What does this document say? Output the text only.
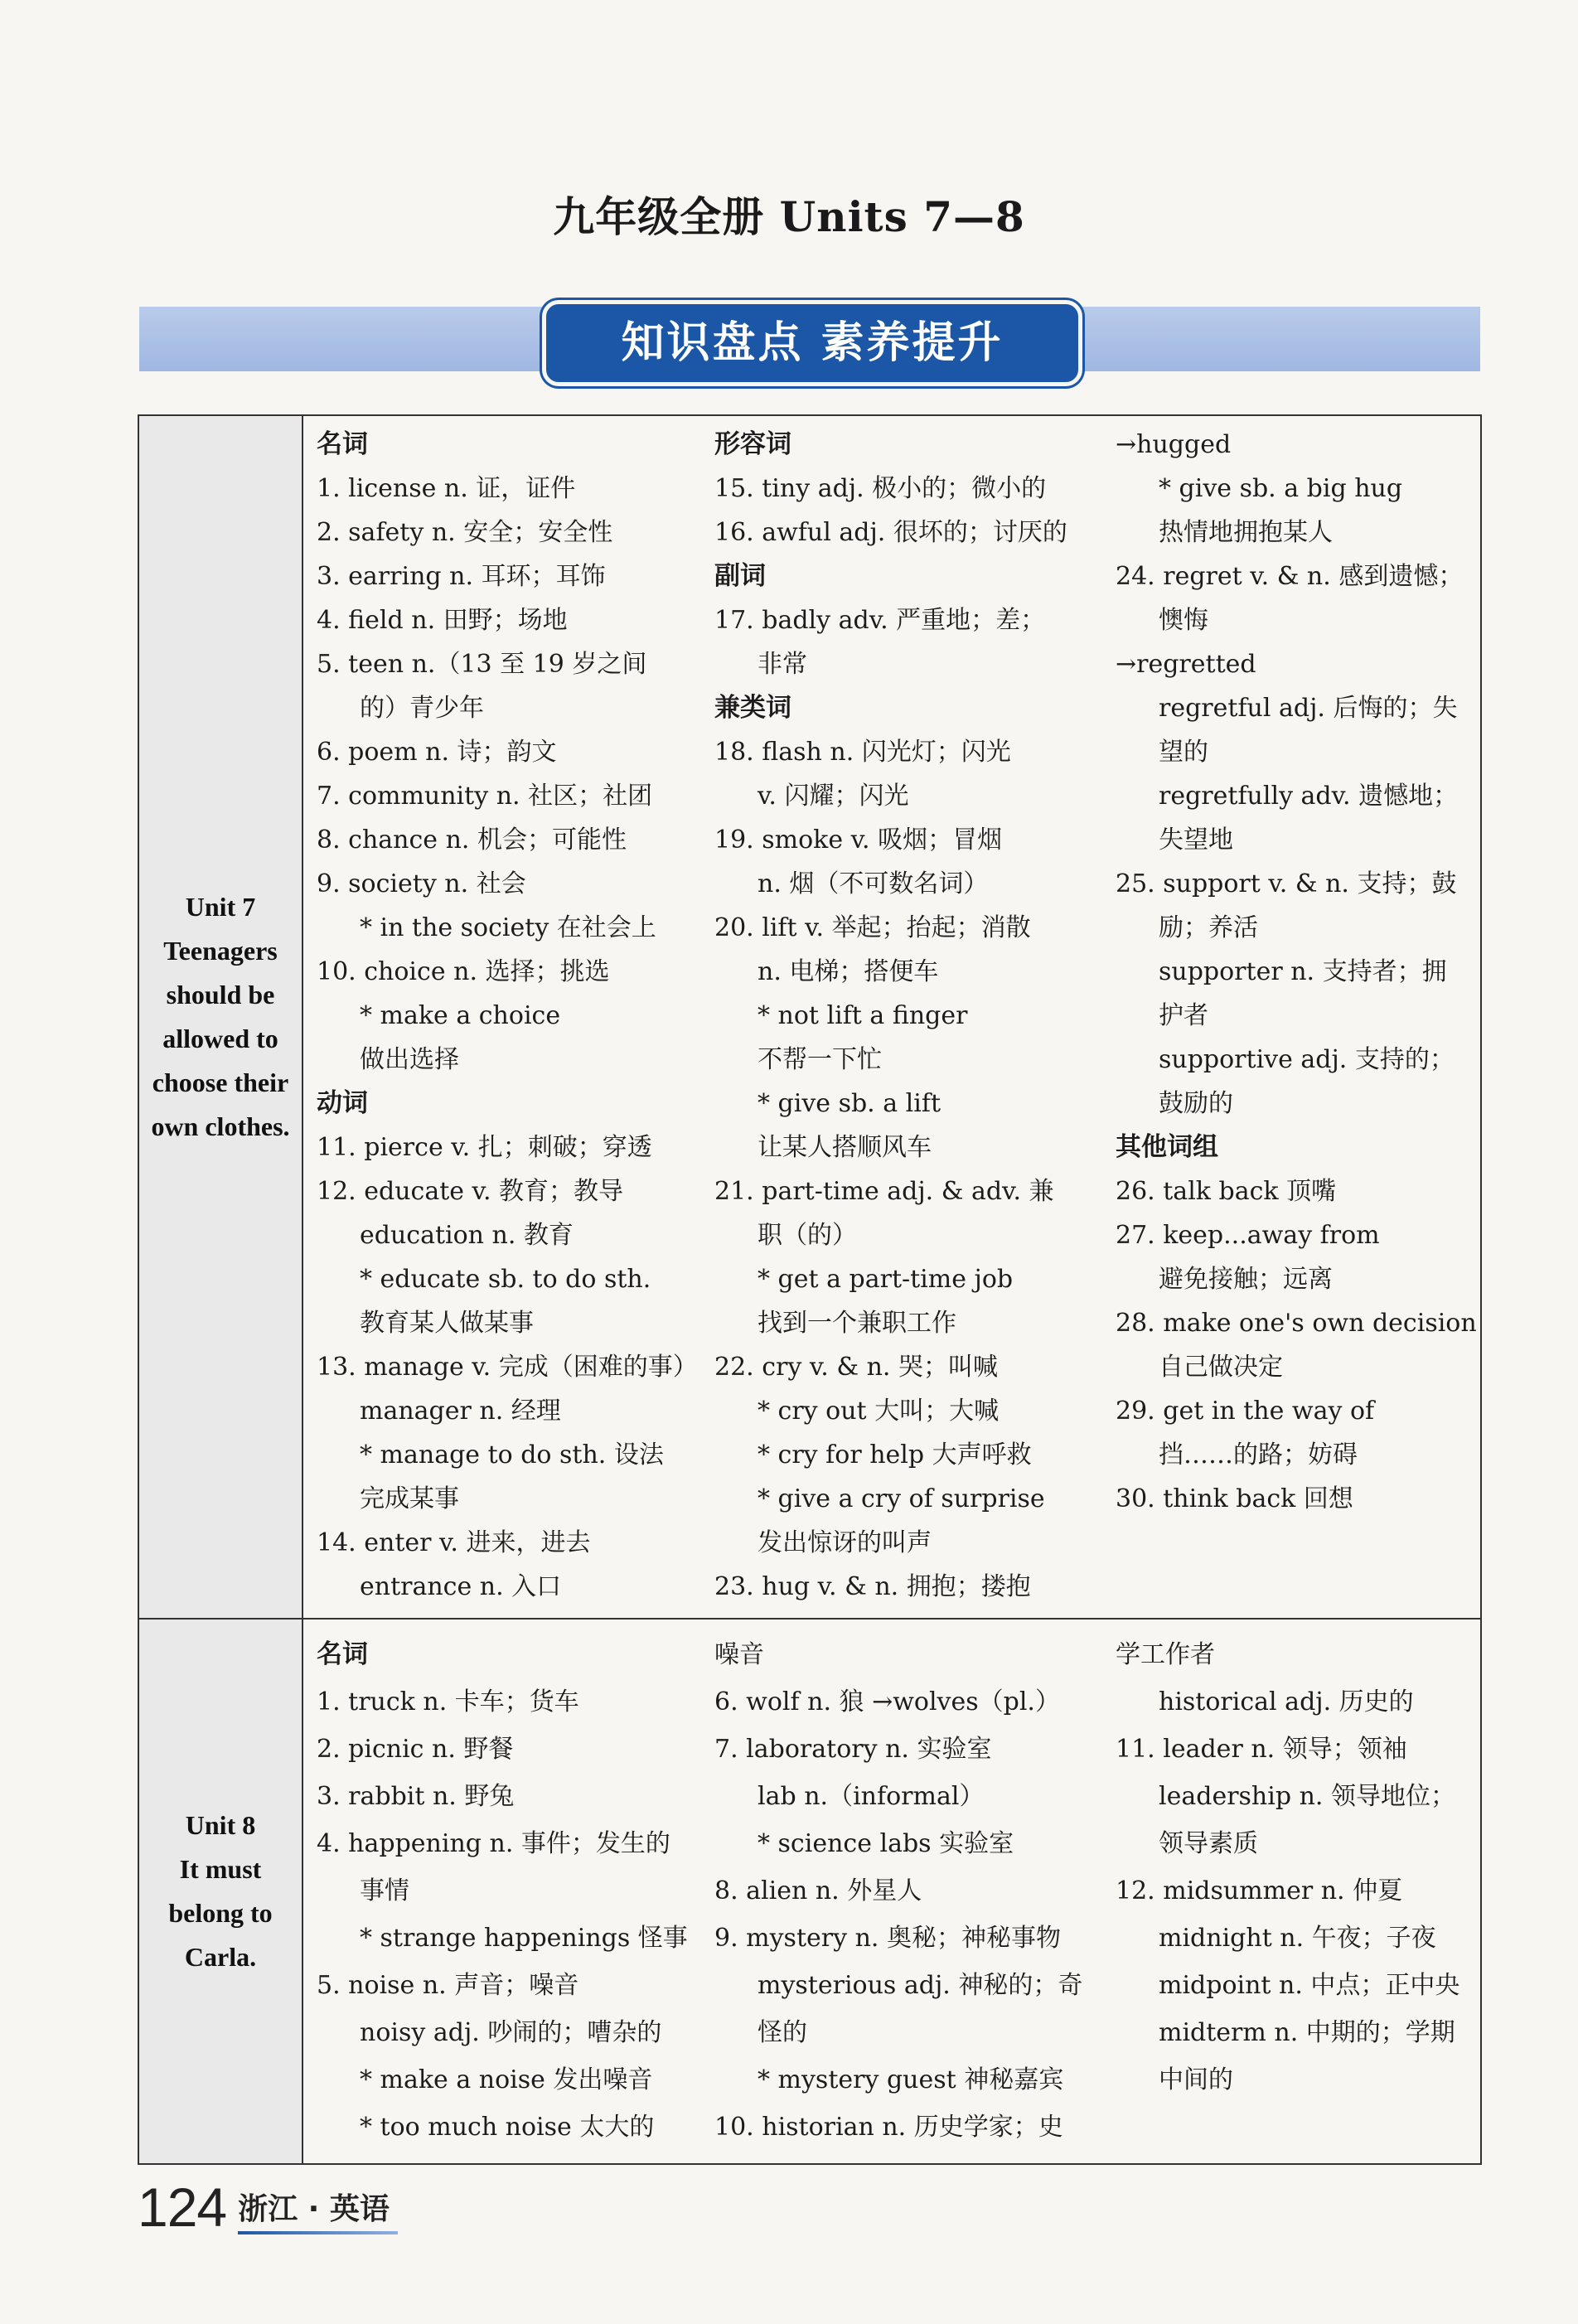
九年级全册 Units 7—8
知识盘点 素养提升
Unit 7
Teenagers
should be
allowed to
choose their
own clothes.
名词
1. license n. 证，证件
2. safety n. 安全；安全性
3. earring n. 耳环；耳饰
4. field n. 田野；场地
5. teen n.（13 至 19 岁之间
的）青少年
6. poem n. 诗；韵文
7. community n. 社区；社团
8. chance n. 机会；可能性
9. society n. 社会
* in the society 在社会上
10. choice n. 选择；挑选
* make a choice
做出选择
动词
11. pierce v. 扎；刺破；穿透
12. educate v. 教育；教导
education n. 教育
* educate sb. to do sth.
教育某人做某事
13. manage v. 完成（困难的事）
manager n. 经理
* manage to do sth. 设法
完成某事
14. enter v. 进来，进去
entrance n. 入口
形容词
15. tiny adj. 极小的；微小的
16. awful adj. 很坏的；讨厌的
副词
17. badly adv. 严重地；差；
非常
兼类词
18. flash n. 闪光灯；闪光
v. 闪耀；闪光
19. smoke v. 吸烟；冒烟
n. 烟（不可数名词）
20. lift v. 举起；抬起；消散
n. 电梯；搭便车
* not lift a finger
不帮一下忙
* give sb. a lift
让某人搭顺风车
21. part-time adj. & adv. 兼
职（的）
* get a part-time job
找到一个兼职工作
22. cry v. & n. 哭；叫喊
* cry out 大叫；大喊
* cry for help 大声呼救
* give a cry of surprise
发出惊讶的叫声
23. hug v. & n. 拥抱；搂抱
→hugged
* give sb. a big hug
热情地拥抱某人
24. regret v. & n. 感到遗憾；
懊悔
→regretted
regretful adj. 后悔的；失
望的
regretfully adv. 遗憾地；
失望地
25. support v. & n. 支持；鼓
励；养活
supporter n. 支持者；拥
护者
supportive adj. 支持的；
鼓励的
其他词组
26. talk back 顶嘴
27. keep...away from
避免接触；远离
28. make one's own decision
自己做决定
29. get in the way of
挡……的路；妨碍
30. think back 回想
Unit 8
It must
belong to
Carla.
名词
1. truck n. 卡车；货车
2. picnic n. 野餐
3. rabbit n. 野兔
4. happening n. 事件；发生的
事情
* strange happenings 怪事
5. noise n. 声音；噪音
noisy adj. 吵闹的；嘈杂的
* make a noise 发出噪音
* too much noise 太大的
噪音
6. wolf n. 狼 →wolves（pl.）
7. laboratory n. 实验室
lab n.（informal）
* science labs 实验室
8. alien n. 外星人
9. mystery n. 奥秘；神秘事物
mysterious adj. 神秘的；奇
怪的
* mystery guest 神秘嘉宾
10. historian n. 历史学家；史
学工作者
historical adj. 历史的
11. leader n. 领导；领袖
leadership n. 领导地位；
领导素质
12. midsummer n. 仲夏
midnight n. 午夜；子夜
midpoint n. 中点；正中央
midterm n. 中期的；学期
中间的
124 浙江 · 英语
